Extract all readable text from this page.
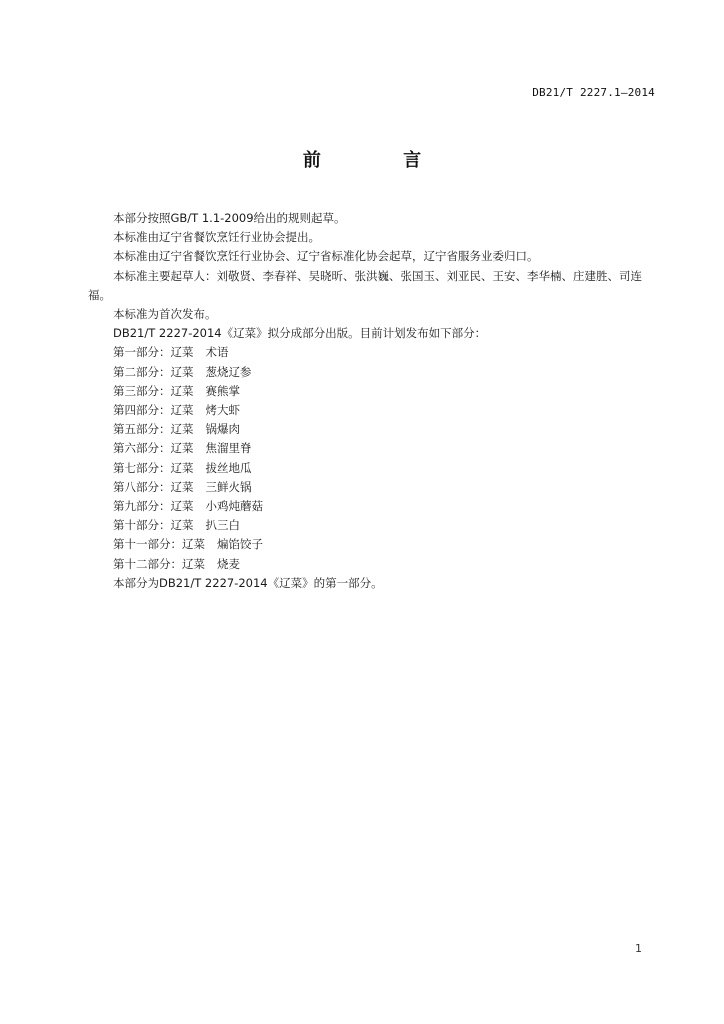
DB21/T 2227.1—2014
前 言

本部分按照GB/T 1.1-2009给出的规则起草。

本标准由辽宁省餐饮烹饪行业协会提出。

本标准由辽宁省餐饮烹饪行业协会、辽宁省标准化协会起草，辽宁省服务业委归口。

本标准主要起草人：刘敬贤、李春祥、吴晓昕、张洪巍、张国玉、刘亚民、王安、李华楠、庄建胜、司连福。

本标准为首次发布。

DB21/T 2227-2014《辽菜》拟分成部分出版。目前计划发布如下部分：

第一部分：辽菜 术语
第二部分：辽菜 葱烧辽参
第三部分：辽菜 赛熊掌
第四部分：辽菜 烤大虾
第五部分：辽菜 锅爆肉
第六部分：辽菜 焦溜里脊
第七部分：辽菜 拔丝地瓜
第八部分：辽菜 三鲜火锅
第九部分：辽菜 小鸡炖蘑菇
第十部分：辽菜 扒三白
第十一部分：辽菜 煸馅饺子
第十二部分：辽菜 烧麦

本部分为DB21/T 2227-2014《辽菜》的第一部分。

1
